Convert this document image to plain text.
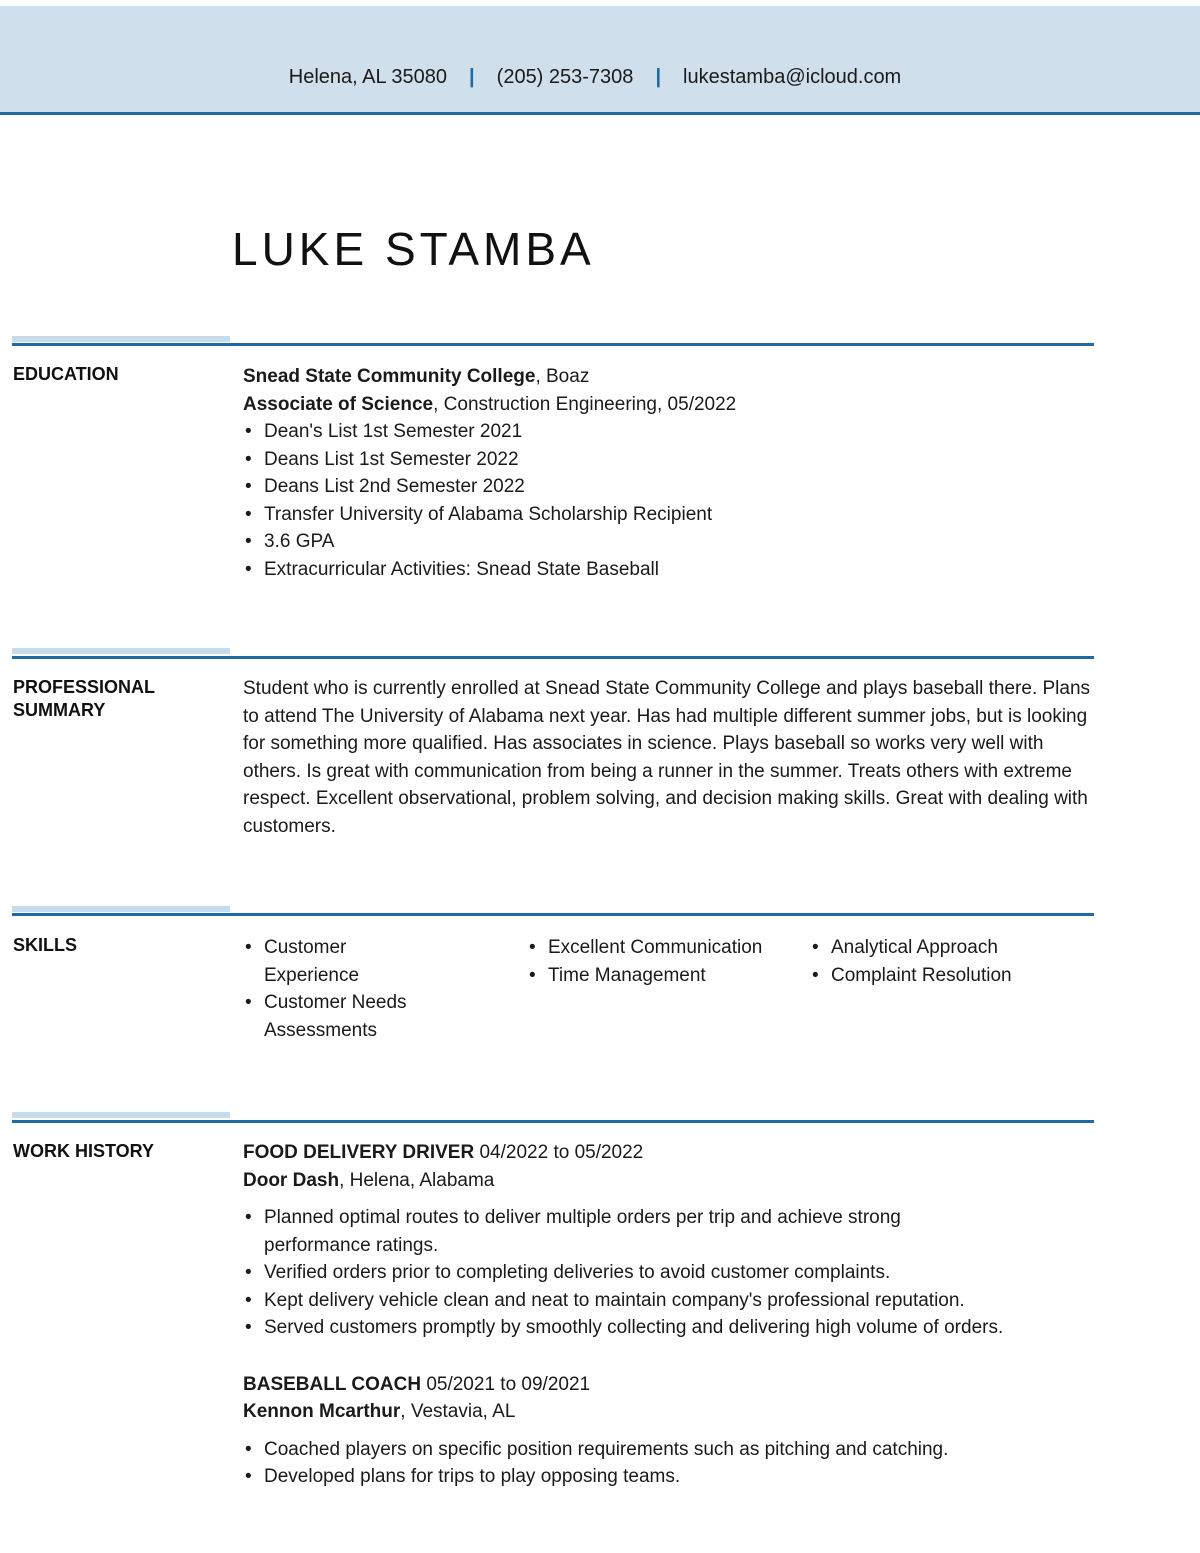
Helena, AL 35080 | (205) 253-7308 | lukestamba@icloud.com
LUKE STAMBA
EDUCATION	Snead State Community College, Boaz
Associate of Science, Construction Engineering, 05/2022
• Dean's List 1st Semester 2021
• Deans List 1st Semester 2022
• Deans List 2nd Semester 2022
• Transfer University of Alabama Scholarship Recipient
• 3.6 GPA
• Extracurricular Activities: Snead State Baseball
PROFESSIONAL
SUMMARY
Student who is currently enrolled at Snead State Community College and plays baseball there. Plans to attend The University of Alabama next year. Has had multiple different summer jobs, but is looking for something more qualified. Has associates in science. Plays baseball so works very well with others. Is great with communication from being a runner in the summer. Treats others with extreme respect. Excellent observational, problem solving, and decision making skills. Great with dealing with customers.
SKILLS
•	Customer Experience
• Customer Needs Assessments
• Excellent Communication
• Time Management
• Analytical Approach
• Complaint Resolution
WORK HISTORY	FOOD DELIVERY DRIVER 04/2022 to 05/2022
Door Dash, Helena, Alabama
• Planned optimal routes to deliver multiple orders per trip and achieve strong performance ratings.
• Verified orders prior to completing deliveries to avoid customer complaints.
• Kept delivery vehicle clean and neat to maintain company's professional reputation.
• Served customers promptly by smoothly collecting and delivering high volume of orders.
BASEBALL COACH 05/2021 to 09/2021
Kennon Mcarthur, Vestavia, AL
• Coached players on specific position requirements such as pitching and catching.
• Developed plans for trips to play opposing teams.
